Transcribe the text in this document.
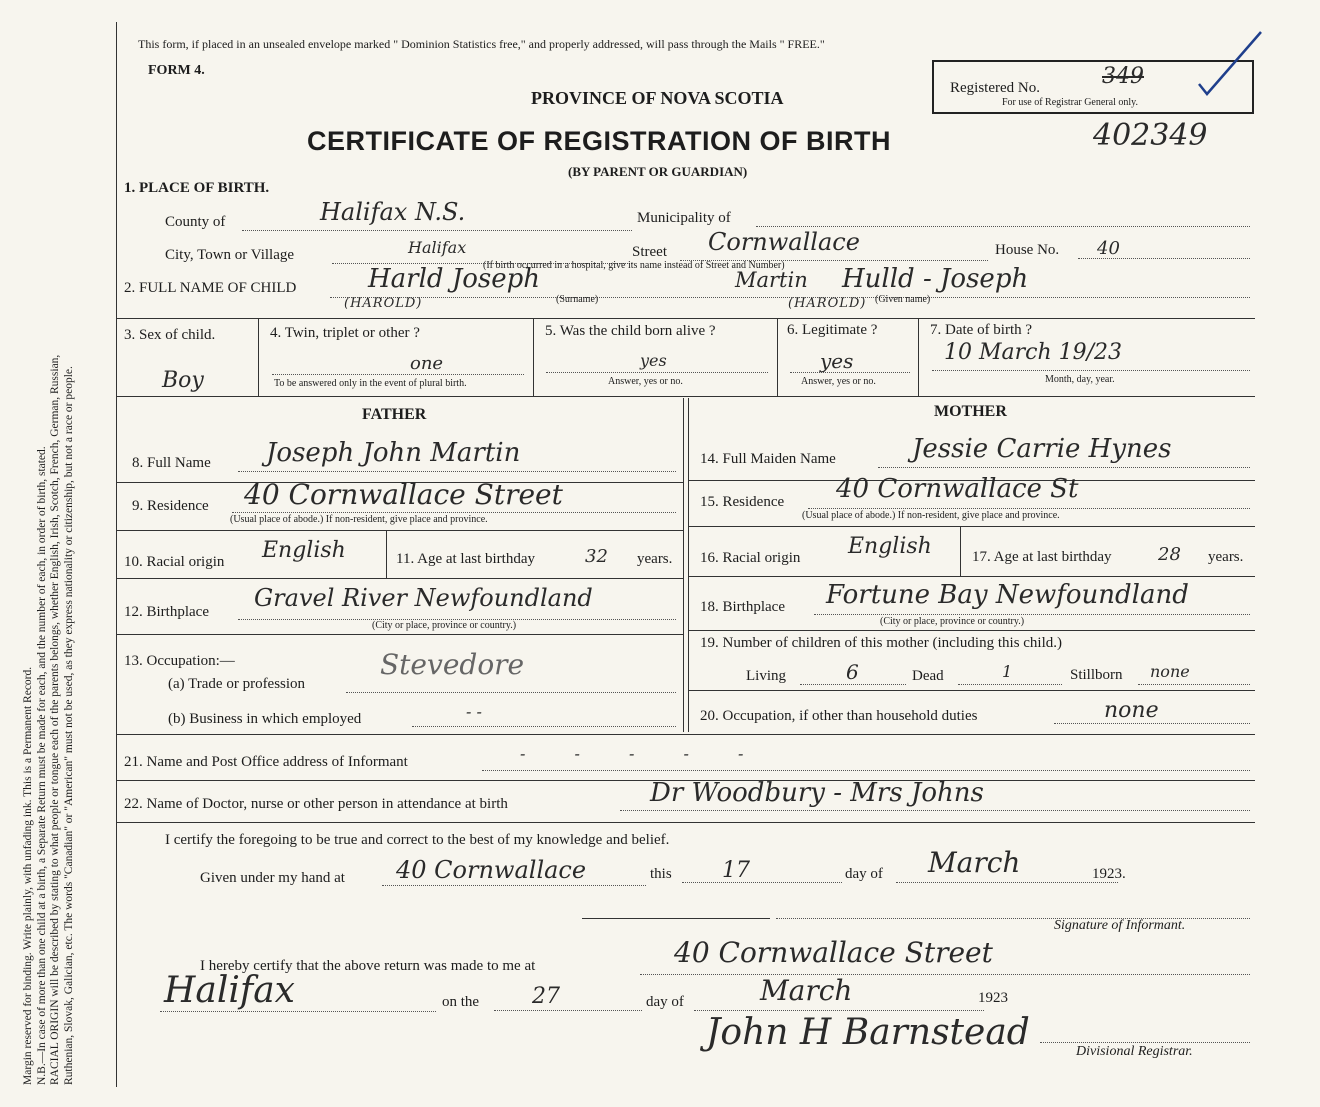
Margin reserved for binding. Write plainly, with unfading ink. This is a Permanent Record. N.B.—In case of more than one child at a birth, a Separate Return must be made for each, and the number of each, in order of birth, stated. RACIAL ORIGIN will be described by stating to what people or tongue each of the parents belongs, whether English, Irish, Scotch, French, German, Russian, Ruthenian, Slovak, Galician, etc. The words "Canadian" or "American" must not be used, as they express nationality or citizenship, but not a race or people.
This form, if placed in an unsealed envelope marked " Dominion Statistics free," and properly addressed, will pass through the Mails " FREE."
FORM 4.
PROVINCE OF NOVA SCOTIA	Registered No.	349
For use of Registrar General only.
CERTIFICATE OF REGISTRATION OF BIRTH	402349
(BY PARENT OR GUARDIAN)
1. PLACE OF BIRTH.
County of	Halifax N.S.	Municipality of
City, Town or Village	Halifax	Street Cornwallace	House No. 40
(If birth occurred in a hospital, give its name instead of Street and Number)
2. FULL NAME OF CHILD	Harld Joseph	Martin Hulld - Joseph
(HAROLD)	(HAROLD)
(Surname)	(Given name)
3. Sex of child.
Boy
4. Twin, triplet or other ?
one
To be answered only in the event of plural birth.
5. Was the child born alive ?
yes
Answer, yes or no.
6. Legitimate ?
yes
Answer, yes or no.
7. Date of birth ?
10 March 19/23
Month, day, year.
FATHER	MOTHER
8. Full Name Joseph John Martin
9. Residence 40 Cornwallace Street
(Usual place of abode.) If non-resident, give place and province.
10. Racial origin English	11. Age at last birthday	32 years.
12. Birthplace Gravel River Newfoundland
(City or place, province or country.)
13. Occupation:—
(a) Trade or profession
Stevedore
(b) Business in which employed	- -
14. Full Maiden Name	Jessie Carrie Hynes
15. Residence 40 Cornwallace St
(Usual place of abode.) If non-resident, give place and province.
16. Racial origin English	17. Age at last birthday	28 years.
18. Birthplace Fortune Bay Newfoundland
(City or place, province or country.)
19. Number of children of this mother (including this child.)
Living	6	Dead	1	Stillborn none
20. Occupation, if other than household duties	none
21. Name and Post Office address of Informant	- - - - -
22. Name of Doctor, nurse or other person in attendance at birth	Dr Woodbury - Mrs Johns
I certify the foregoing to be true and correct to the best of my knowledge and belief.
Given under my hand at 40 Cornwallace	this 17	day of March	1923.
Signature of Informant.
I hereby certify that the above return was made to me at	40 Cornwallace Street
Halifax	on the 27	day of	March	1923
John H Barnstead	Divisional Registrar.
